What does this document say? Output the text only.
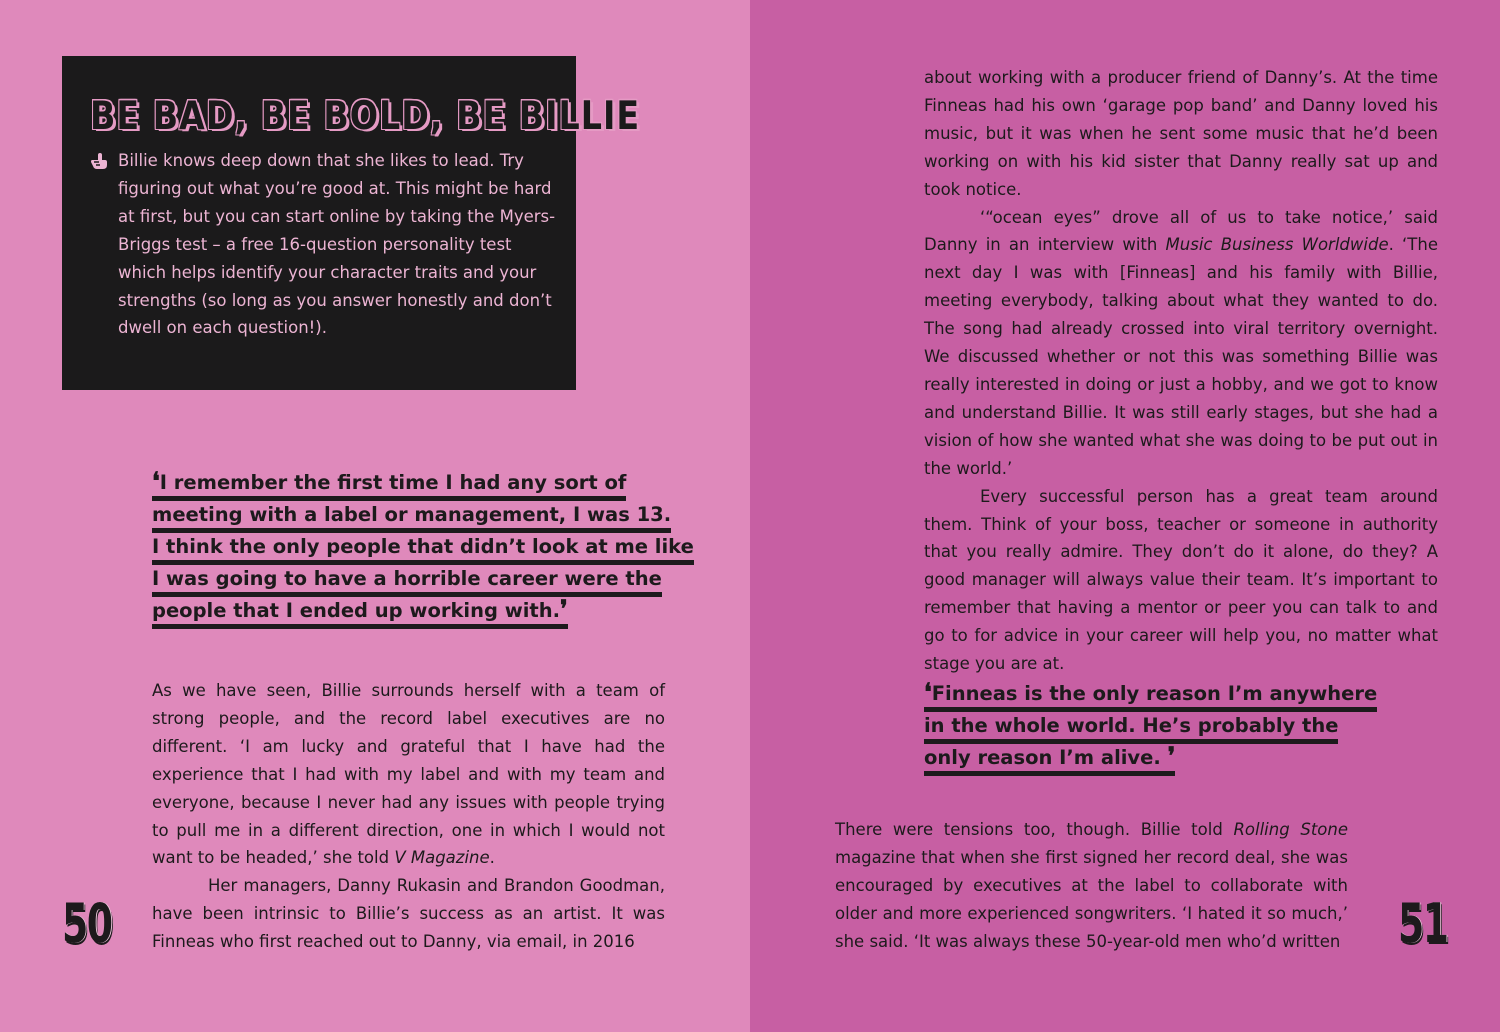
BE BAD, BE BOLD, BE BILLIE

Billie knows deep down that she likes to lead. Try figuring out what you’re good at. This might be hard at first, but you can start online by taking the Myers-Briggs test – a free 16-question personality test which helps identify your character traits and your strengths (so long as you answer honestly and don’t dwell on each question!).

❛I remember the first time I had any sort of
meeting with a label or management, I was 13.
I think the only people that didn’t look at me like
I was going to have a horrible career were the
people that I ended up working with.❜
As we have seen, Billie surrounds herself with a team of strong people, and the record label executives are no different. ‘I am lucky and grateful that I have had the experience that I had with my label and with my team and everyone, because I never had any issues with people trying to pull me in a different direction, one in which I would not want to be headed,’ she told V Magazine.
Her managers, Danny Rukasin and Brandon Goodman, have been intrinsic to Billie’s success as an artist. It was Finneas who first reached out to Danny, via email, in 2016
50
about working with a producer friend of Danny’s. At the time Finneas had his own ‘garage pop band’ and Danny loved his music, but it was when he sent some music that he’d been working on with his kid sister that Danny really sat up and took notice.
‘“ocean eyes” drove all of us to take notice,’ said Danny in an interview with Music Business Worldwide. ‘The next day I was with [Finneas] and his family with Billie, meeting everybody, talking about what they wanted to do. The song had already crossed into viral territory overnight. We discussed whether or not this was something Billie was really interested in doing or just a hobby, and we got to know and understand Billie. It was still early stages, but she had a vision of how she wanted what she was doing to be put out in the world.’
Every successful person has a great team around them. Think of your boss, teacher or someone in authority that you really admire. They don’t do it alone, do they? A good manager will always value their team. It’s important to remember that having a mentor or peer you can talk to and go to for advice in your career will help you, no matter what stage you are at.
❛Finneas is the only reason I’m anywhere
in the whole world. He’s probably the
only reason I’m alive. ❜
There were tensions too, though. Billie told Rolling Stone magazine that when she first signed her record deal, she was encouraged by executives at the label to collaborate with older and more experienced songwriters. ‘I hated it so much,’ she said. ‘It was always these 50-year-old men who’d written 51
